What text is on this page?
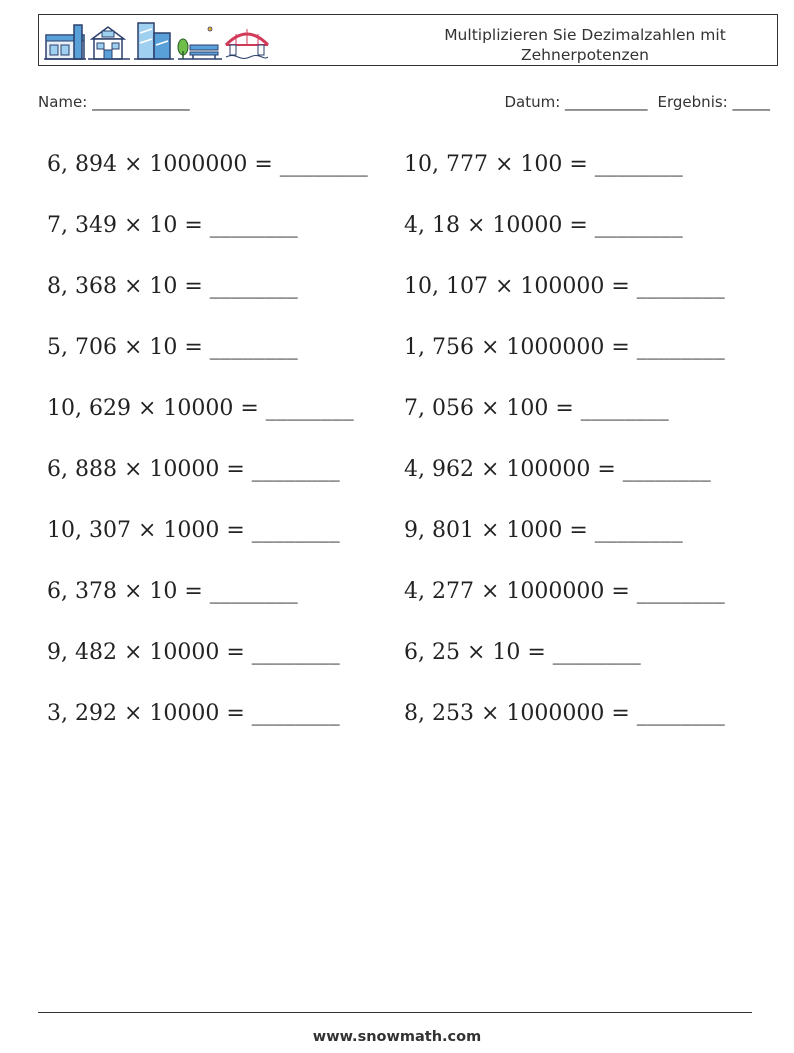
Multiplizieren Sie Dezimalzahlen mit Zehnerpotenzen
Name: _____________	Datum: ___________ Ergebnis: _____
6, 894 × 1000000 = ________ 10, 777 × 100 = ________
7, 349 × 10 = ________	4, 18 × 10000 = ________
8, 368 × 10 = ________	10, 107 × 100000 = ________
5, 706 × 10 = ________	1, 756 × 1000000 = ________
10, 629 × 10000 = ________ 7, 056 × 100 = ________
6, 888 × 10000 = ________	4, 962 × 100000 = ________
10, 307 × 1000 = ________	9, 801 × 1000 = ________
6, 378 × 10 = ________	4, 277 × 1000000 = ________
9, 482 × 10000 = ________	6, 25 × 10 = ________
3, 292 × 10000 = ________	8, 253 × 1000000 = ________
www.snowmath.com
